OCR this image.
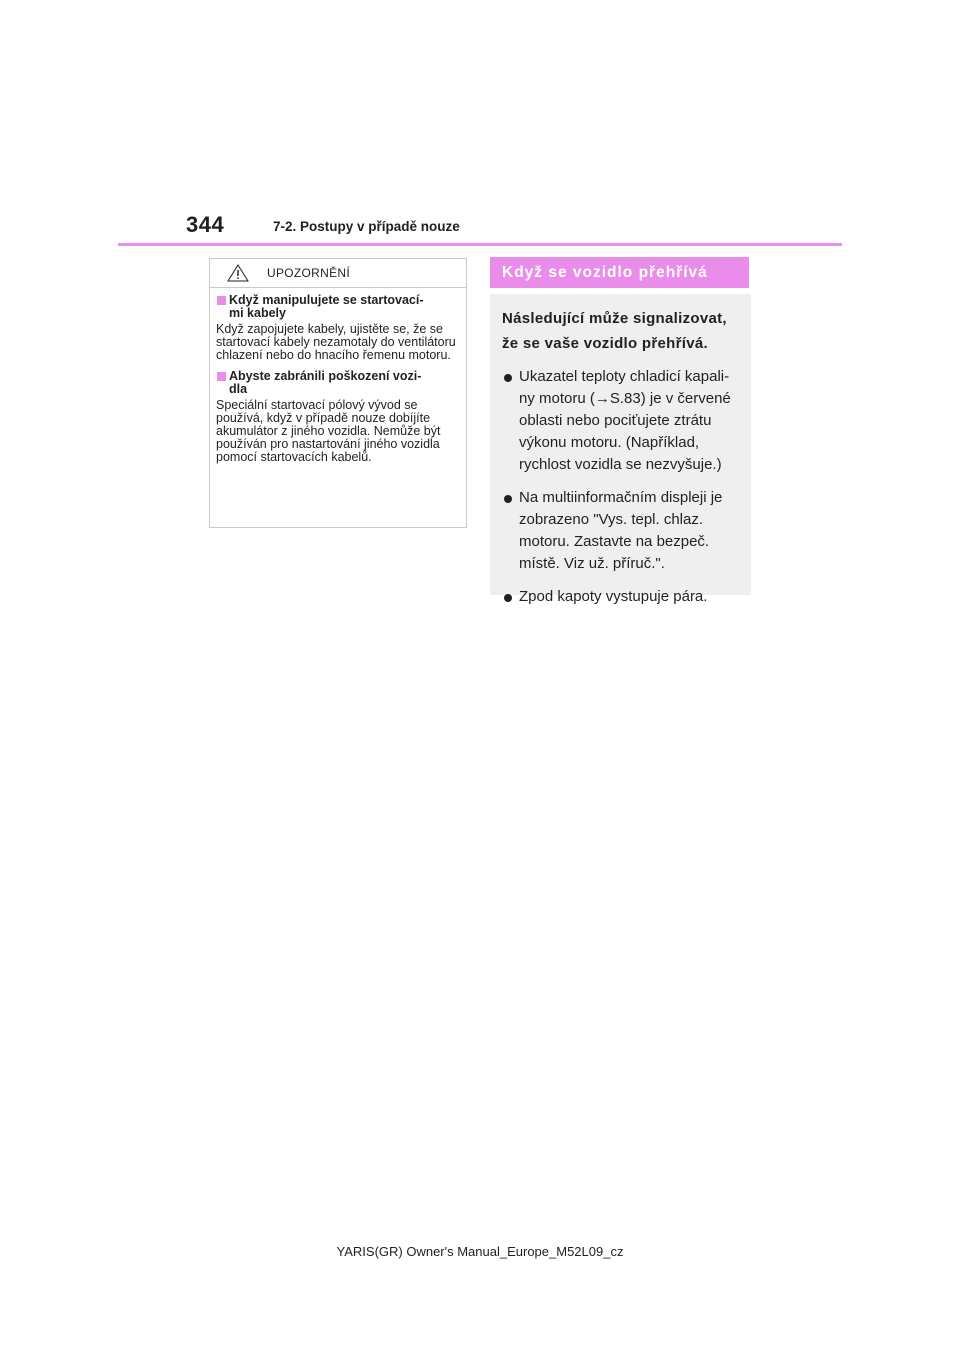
344	7-2. Postupy v případě nouze
UPOZORNĚNÍ
Když manipulujete se startovací-
mi kabely
Když zapojujete kabely, ujistěte se, že se startovací kabely nezamotaly do ventilátoru chlazení nebo do hnacího řemenu motoru.
Abyste zabránili poškození vozi-
dla
Speciální startovací pólový vývod se používá, když v případě nouze dobíjíte akumulátor z jiného vozidla. Nemůže být používán pro nastartování jiného vozidla pomocí startovacích kabelů.
Když se vozidlo přehřívá
Následující může signalizovat,
že se vaše vozidlo přehřívá.
Ukazatel teploty chladicí kapali-
ny motoru (→S.83) je v červené
oblasti nebo pociťujete ztrátu
výkonu motoru. (Například,
rychlost vozidla se nezvyšuje.)
Na multiinformačním displeji je
zobrazeno "Vys. tepl. chlaz.
motoru. Zastavte na bezpeč.
místě. Viz už. příruč.".
Zpod kapoty vystupuje pára.
YARIS(GR) Owner's Manual_Europe_M52L09_cz
